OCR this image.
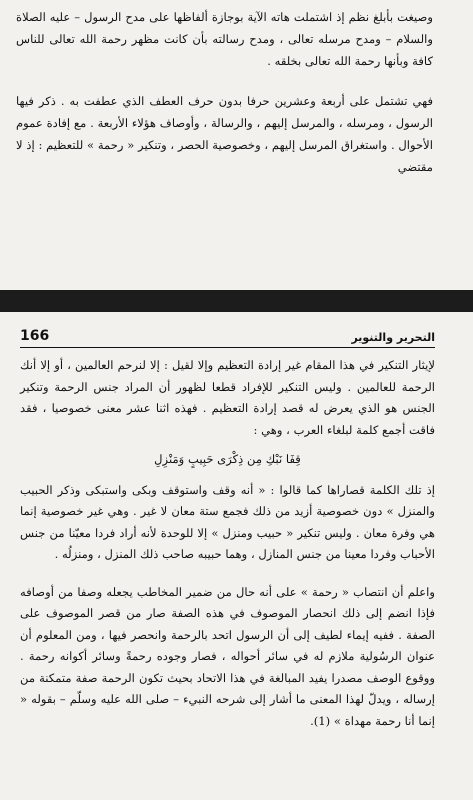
وصيغت بأبلغ نظم إذ اشتملت هاته الآية بوجازة ألفاظها على مدح الرسول – عليه الصلاة والسلام – ومدح مرسله تعالى ، ومدح رسالته بأن كانت مظهر رحمة الله تعالى للناس كافة وبأنها رحمة الله تعالى بخلقه .

فهي تشتمل على أربعة وعشرين حرفا بدون حرف العطف الذي عطفت به . ذكر فيها الرسول ، ومرسله ، والمرسل إليهم ، والرسالة ، وأوصاف هؤلاء الأربعة . مع إفادة عموم الأحوال . واستغراق المرسل إليهم ، وخصوصية الحصر ، وتنكير « رحمة » للتعظيم : إذ لا مقتضي

التحرير والتنوير
166

لإيثار التنكير في هذا المقام غير إرادة التعظيم وإلا لقيل : إلا لنرحم العالمين ، أو إلا أنك الرحمة للعالمين . وليس التنكير للإفراد قطعا لظهور أن المراد جنس الرحمة وتنكير الجنس هو الذي يعرض له قصد إرادة التعظيم . فهذه اثنا عشر معنى خصوصيا ، فقد فاقت أجمع كلمة لبلغاء العرب ، وهي :

قِفَا نَبْكِ مِن ذِكْرَى حَبِيبٍ وَمَنْزِلِ

إذ تلك الكلمة قصاراها كما قالوا : « أنه وقف واستوقف وبكى واستبكى وذكر الحبيب والمنزل » دون خصوصية أزيد من ذلك فجمع ستة معان لا غير . وهي غير خصوصية إنما هي وفرة معان . وليس تنكير « حبيب ومنزل » إلا للوحدة لأنه أراد فردا معيّنا من جنس الأحباب وفردا معينا من جنس المنازل ، وهما حبيبه صاحب ذلك المنزل ، ومنزلُه .

واعلم أن انتصاب « رحمة » على أنه حال من ضمير المخاطب يجعله وصفا من أوصافه فإذا انضم إلى ذلك انحصار الموصوف في هذه الصفة صار من قصر الموصوف على الصفة . ففيه إيماء لطيف إلى أن الرسول اتحد بالرحمة وانحصر فيها ، ومن المعلوم أن عنوان الرسُولية ملازم له في سائر أحواله ، فصار وجوده رحمةً وسائر أكوانه رحمة . ووقوع الوصف مصدرا يفيد المبالغة في هذا الاتحاد بحيث تكون الرحمة صفة متمكنة من إرساله ، ويدلّ لهذا المعنى ما أشار إلى شرحه النبيء – صلى الله عليه وسلّم – بقوله « إنما أنا رحمة مهداة » (1).
